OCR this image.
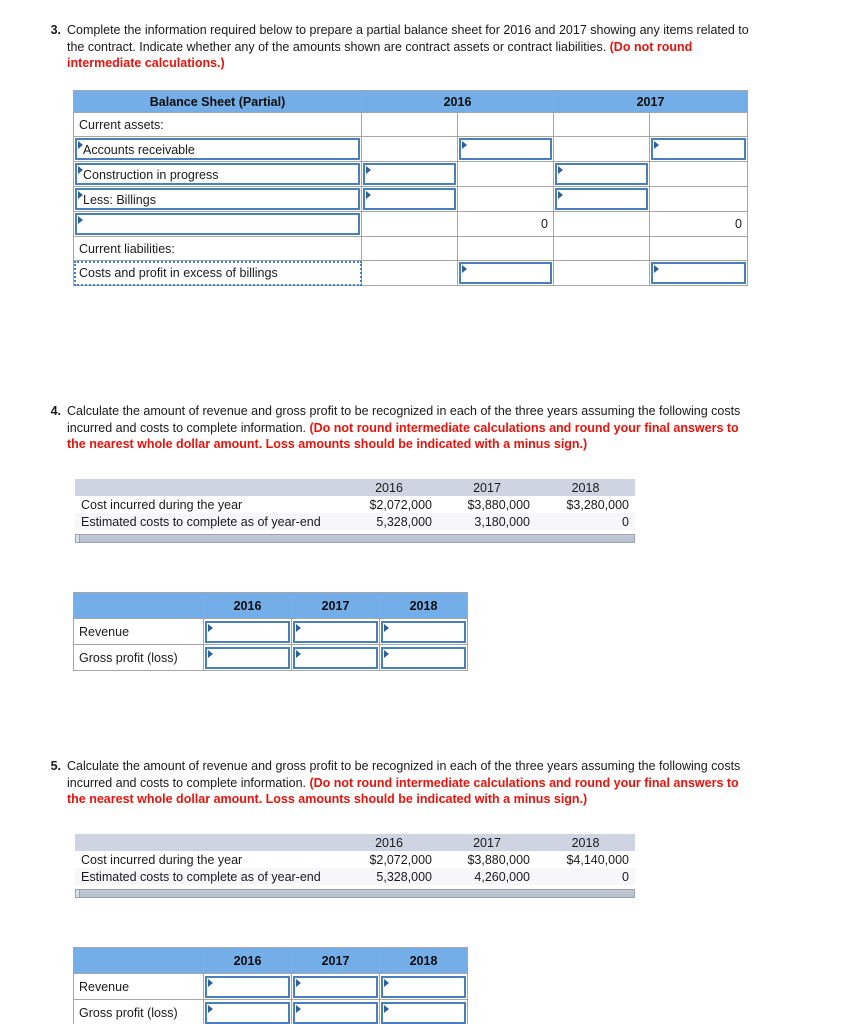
3. Complete the information required below to prepare a partial balance sheet for 2016 and 2017 showing any items related to the contract. Indicate whether any of the amounts shown are contract assets or contract liabilities. (Do not round intermediate calculations.)
Balance Sheet (Partial)	2016		2017	
Current assets:				

Accounts receivable				

Construction in progress				

Less: Billings				

		0		0
Current liabilities:				
Costs and profit in excess of billings		

4. Calculate the amount of revenue and gross profit to be recognized in each of the three years assuming the following costs incurred and costs to complete information. (Do not round intermediate calculations and round your final answers to the nearest whole dollar amount. Loss amounts should be indicated with a minus sign.)
	2016	2017	2018
Cost incurred during the year	$2,072,000	$3,880,000	$3,280,000
Estimated costs to complete as of year-end	5,328,000	3,180,000	0
	2016	2017	2018
Revenue	

Gross profit (loss)	

5. Calculate the amount of revenue and gross profit to be recognized in each of the three years assuming the following costs incurred and costs to complete information. (Do not round intermediate calculations and round your final answers to the nearest whole dollar amount. Loss amounts should be indicated with a minus sign.)
	2016	2017	2018
Cost incurred during the year	$2,072,000	$3,880,000	$4,140,000
Estimated costs to complete as of year-end	5,328,000	4,260,000	0
	2016	2017	2018
Revenue	

Gross profit (loss)	
